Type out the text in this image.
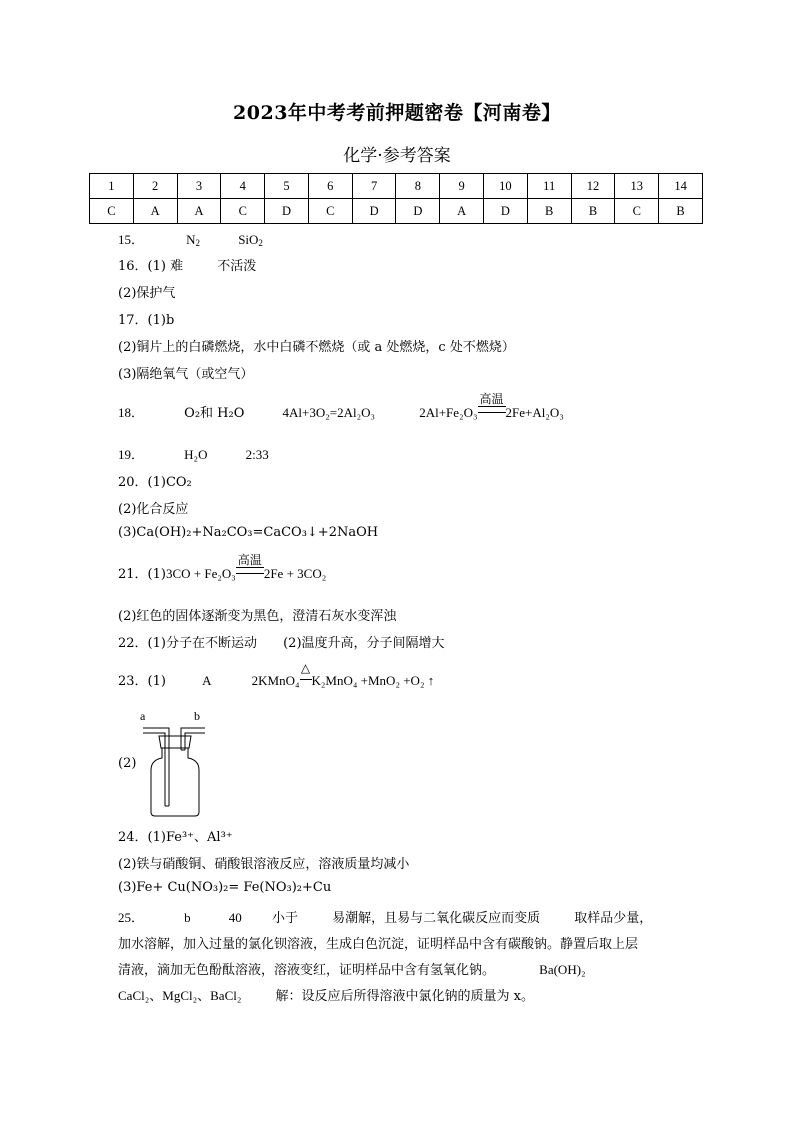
2023年中考考前押题密卷【河南卷】
化学·参考答案
1	2	3	4	5	6	7	8	9	10	11	12	13	14
C	A	A	C	D	C	D	D	A	D	B	B	C	B
15．	$N_2$	SiO$_2$
16．(1) 难	不活泼
(2)保护气
17．(1)b
(2)铜片上的白磷燃烧，水中白磷不燃烧（或 a 处燃烧，c 处不燃烧）
(3)隔绝氧气（或空气）
18．	O₂和 H₂O	4Al+3O₂=2Al₂O₃	2Al+Fe₂O₃
高温
2Fe+Al₂O₃
19．	H₂O	2:33
20．(1)CO₂
(2)化合反应
(3)Ca(OH)₂+Na₂CO₃=CaCO₃↓+2NaOH
21．(1)3CO + Fe₂O₃
高温
2Fe + 3CO₂
(2)红色的固体逐渐变为黑色，澄清石灰水变浑浊
22．(1)分子在不断运动 (2)温度升高，分子间隔增大
23．(1)	A	2KMnO₄
△
K₂MnO₄ +MnO₂ +O₂ ↑
(2)
a	b
24．(1)Fe³⁺、Al³⁺
(2)铁与硝酸铜、硝酸银溶液反应，溶液质量均减小
(3)Fe+ Cu(NO₃)₂= Fe(NO₃)₂+Cu
25．	b	40 小于	易潮解，且易与二氧化碳反应而变质	取样品少量，
加水溶解，加入过量的氯化钡溶液，生成白色沉淀，证明样品中含有碳酸钠。静置后取上层
清液，滴加无色酚酞溶液，溶液变红，证明样品中含有氢氧化钠。	Ba(OH)₂
CaCl₂、MgCl₂、BaCl₂	解：设反应后所得溶液中氯化钠的质量为 x。
